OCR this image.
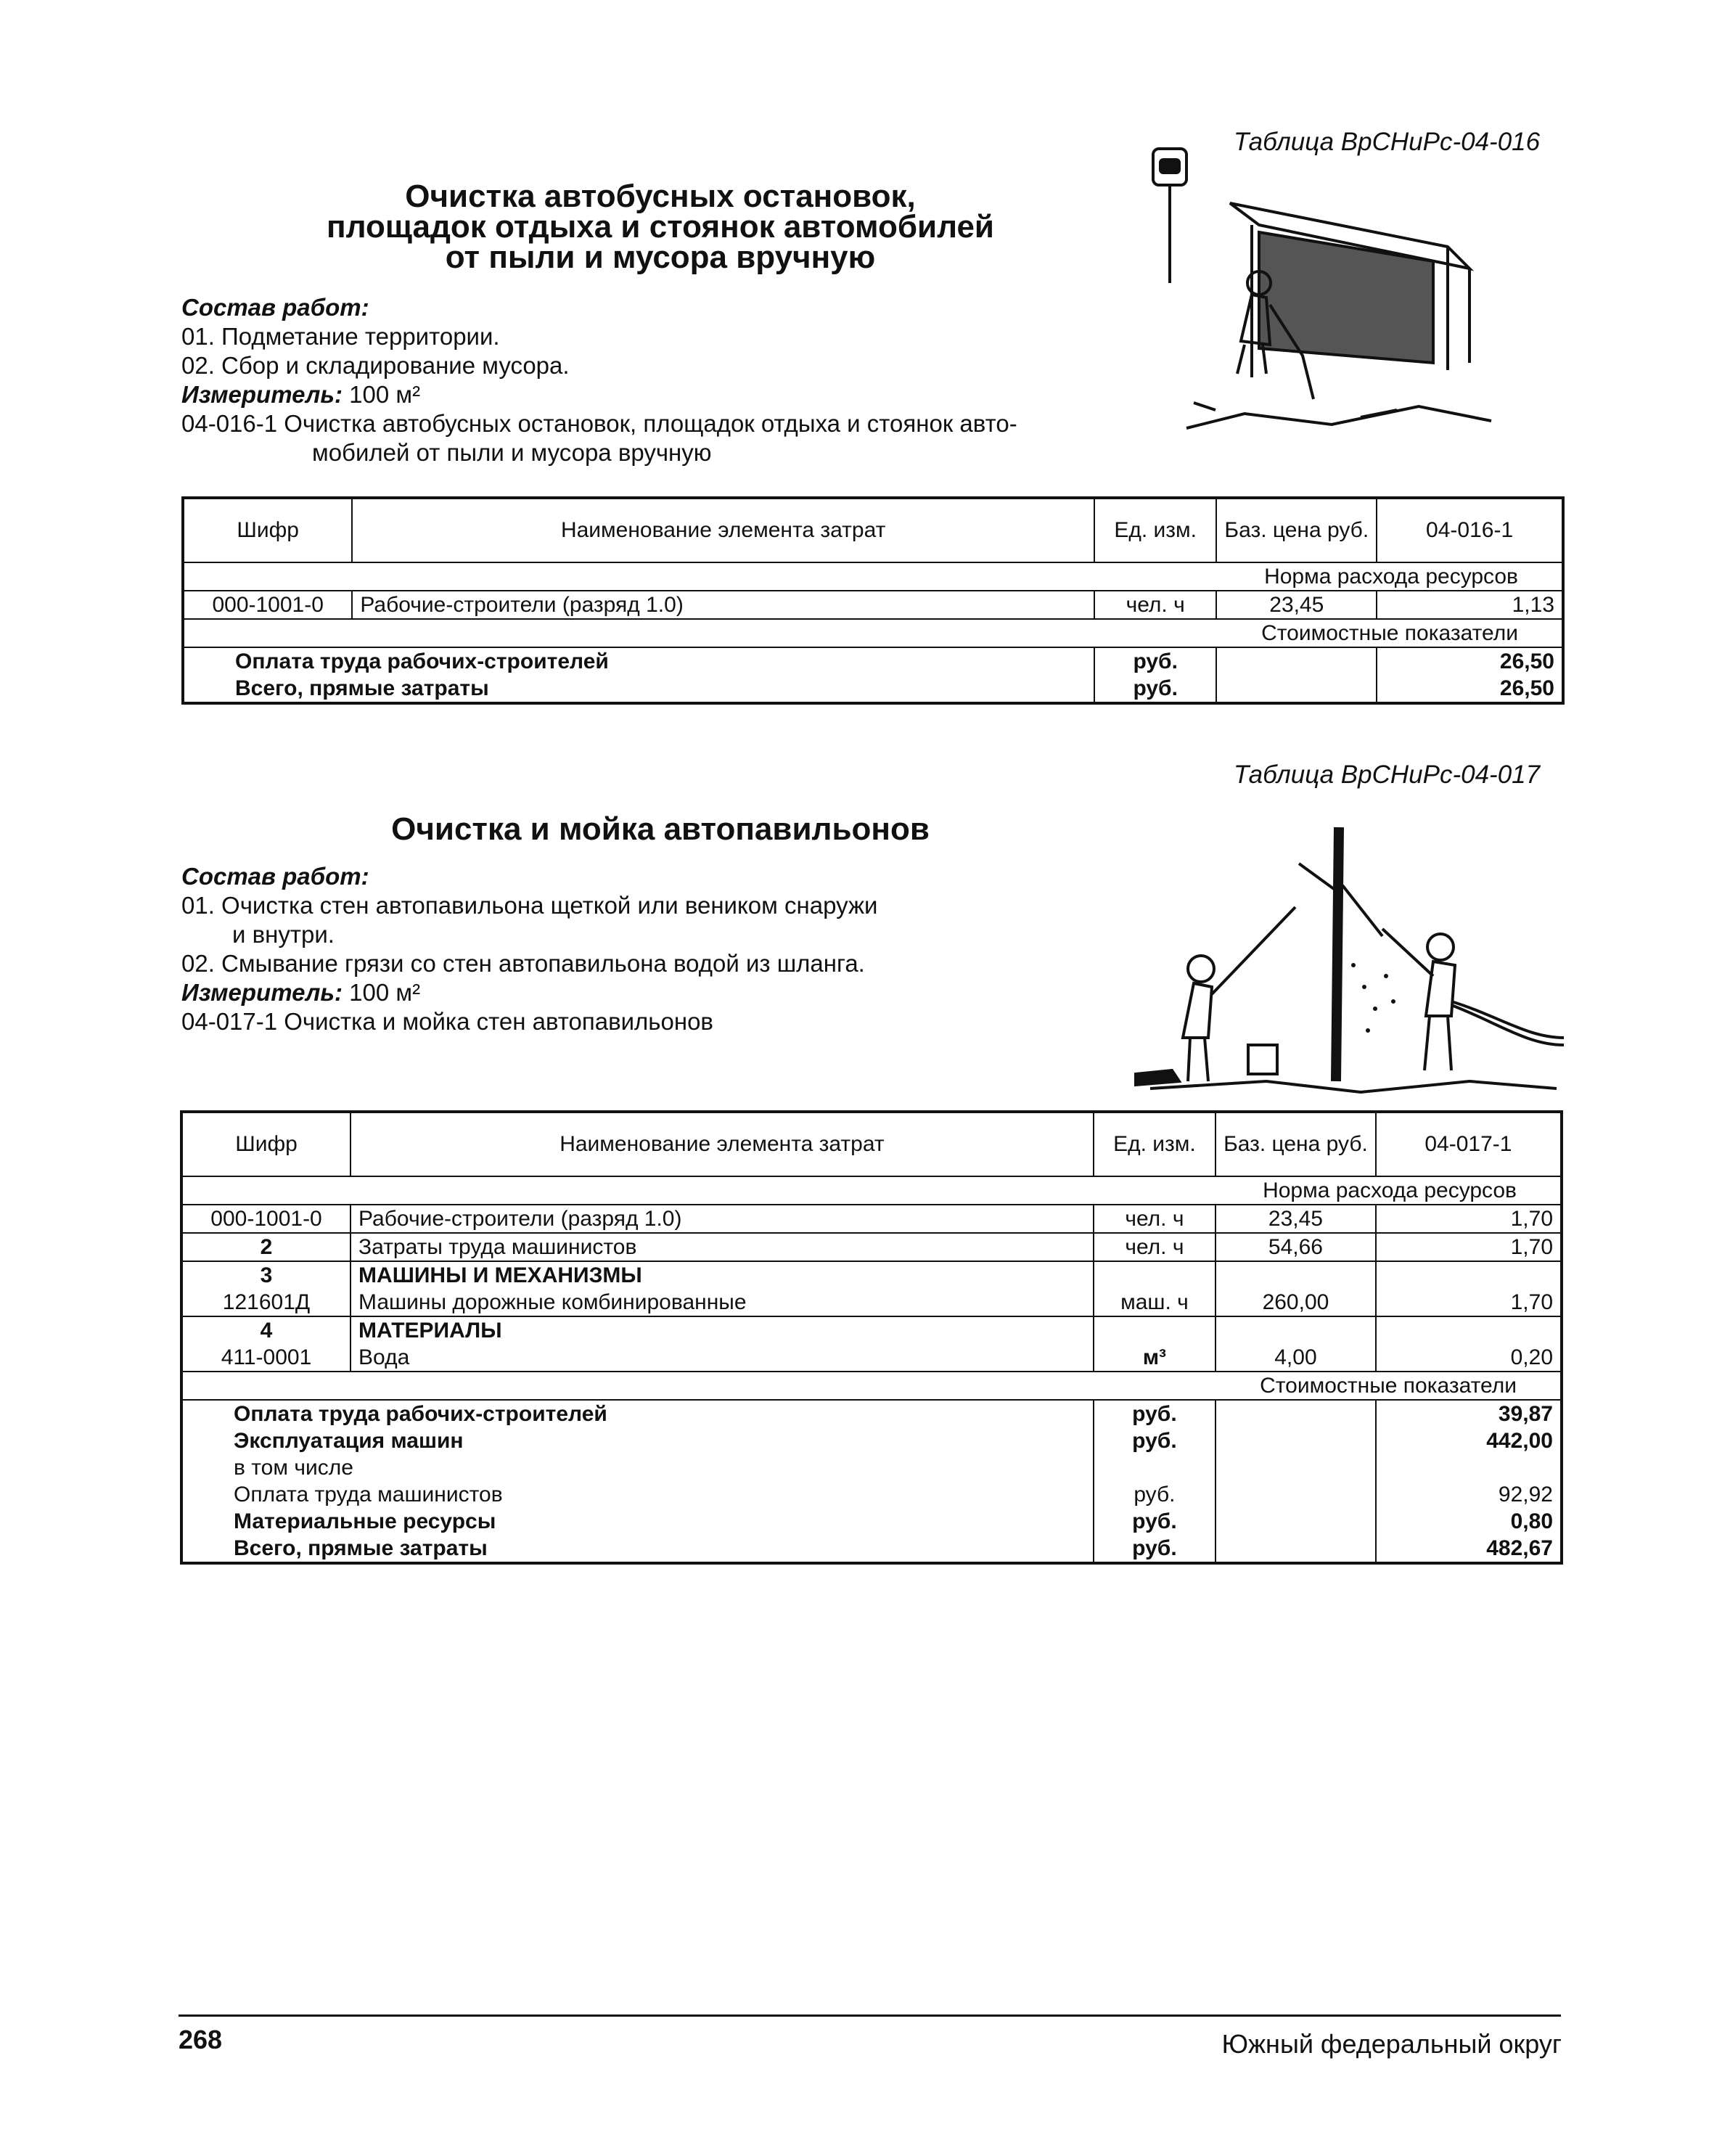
Таблица ВрСНиРс-04-016
Очистка автобусных остановок,
площадок отдыха и стоянок автомобилей
от пыли и мусора вручную
Состав работ:
01. Подметание территории.
02. Сбор и складирование мусора.
Измеритель: 100 м²
04-016-1 Очистка автобусных остановок, площадок отдыха и стоянок авто-
мобилей от пыли и мусора вручную
Шифр	Наименование элемента затрат	Ед. изм.	Баз. цена руб.	04-016-1
Норма расхода ресурсов				
000-1001-0	Рабочие-строители (разряд 1.0)	чел. ч	23,45	1,13
Стоимостные показатели				
Оплата труда рабочих-строителей		руб.		26,50
Всего, прямые затраты		руб.		26,50
Таблица ВрСНиРс-04-017
Очистка и мойка автопавильонов
Состав работ:
01. Очистка стен автопавильона щеткой или веником снаружи
и внутри.
02. Смывание грязи со стен автопавильона водой из шланга.
Измеритель: 100 м²
04-017-1 Очистка и мойка стен автопавильонов
Шифр	Наименование элемента затрат	Ед. изм.	Баз. цена руб.	04-017-1
Норма расхода ресурсов				
000-1001-0	Рабочие-строители (разряд 1.0)	чел. ч	23,45	1,70
2	Затраты труда машинистов	чел. ч	54,66	1,70
3	МАШИНЫ И МЕХАНИЗМЫ			
121601Д	Машины дорожные комбинированные	маш. ч	260,00	1,70
4	МАТЕРИАЛЫ			
411-0001	Вода	м³	4,00	0,20
Стоимостные показатели				
Оплата труда рабочих-строителей		руб.		39,87
Эксплуатация машин		руб.		442,00
в том числе				
Оплата труда машинистов		руб.		92,92
Материальные ресурсы		руб.		0,80
Всего, прямые затраты		руб.		482,67
268	Южный федеральный округ
